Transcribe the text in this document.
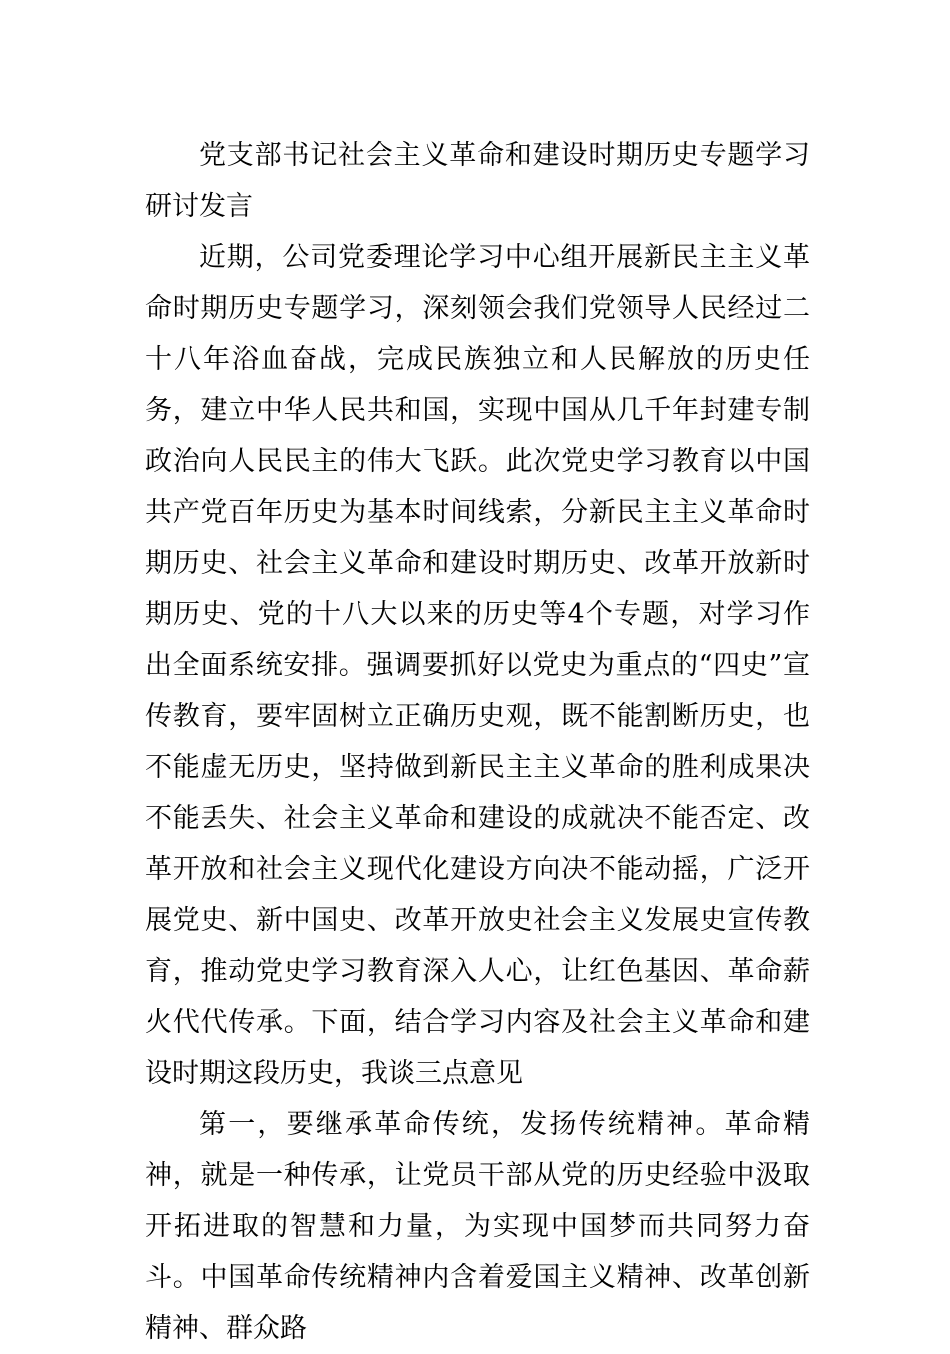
党支部书记社会主义革命和建设时期历史专题学习研讨发言

近期，公司党委理论学习中心组开展新民主主义革命时期历史专题学习，深刻领会我们党领导人民经过二十八年浴血奋战，完成民族独立和人民解放的历史任务，建立中华人民共和国，实现中国从几千年封建专制政治向人民民主的伟大飞跃。此次党史学习教育以中国共产党百年历史为基本时间线索，分新民主主义革命时期历史、社会主义革命和建设时期历史、改革开放新时期历史、党的十八大以来的历史等4个专题，对学习作出全面系统安排。强调要抓好以党史为重点的“四史”宣传教育，要牢固树立正确历史观，既不能割断历史，也不能虚无历史，坚持做到新民主主义革命的胜利成果决不能丢失、社会主义革命和建设的成就决不能否定、改革开放和社会主义现代化建设方向决不能动摇，广泛开展党史、新中国史、改革开放史社会主义发展史宣传教育，推动党史学习教育深入人心，让红色基因、革命薪火代代传承。下面，结合学习内容及社会主义革命和建设时期这段历史，我谈三点意见

第一，要继承革命传统，发扬传统精神。革命精神，就是一种传承，让党员干部从党的历史经验中汲取开拓进取的智慧和力量，为实现中国梦而共同努力奋斗。中国革命传统精神内含着爱国主义精神、改革创新精神、群众路
